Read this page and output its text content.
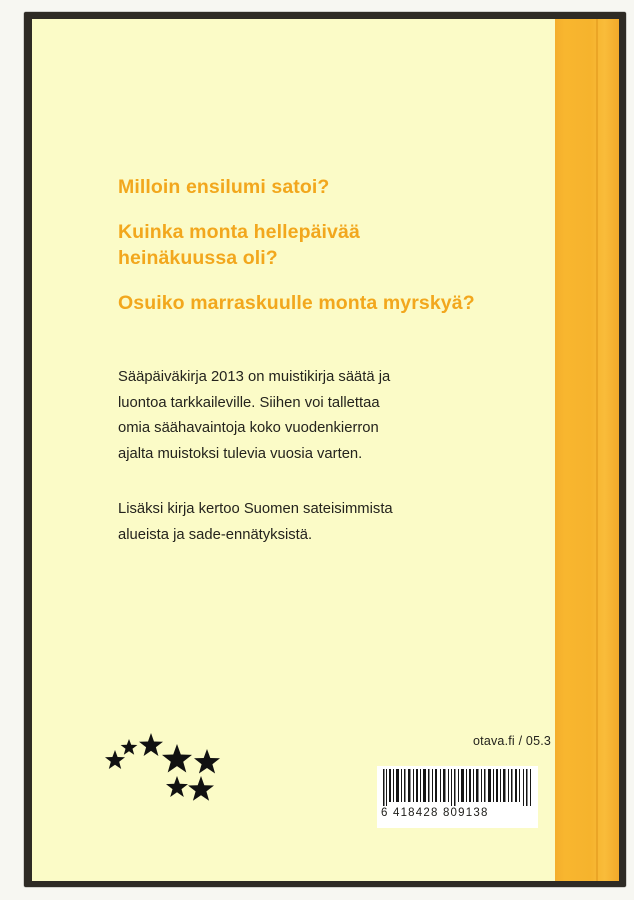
Milloin ensilumi satoi?
Kuinka monta hellepäivää
heinäkuussa oli?
Osuiko marraskuulle monta myrskyä?

Sääpäiväkirja 2013 on muistikirja säätä ja
luontoa tarkkaileville. Siihen voi tallettaa
omia säähavaintoja koko vuodenkierron
ajalta muistoksi tulevia vuosia varten.

Lisäksi kirja kertoo Suomen sateisimmista
alueista ja sade-ennätyksistä.

otava.fi / 05.3
6 418428 809138
